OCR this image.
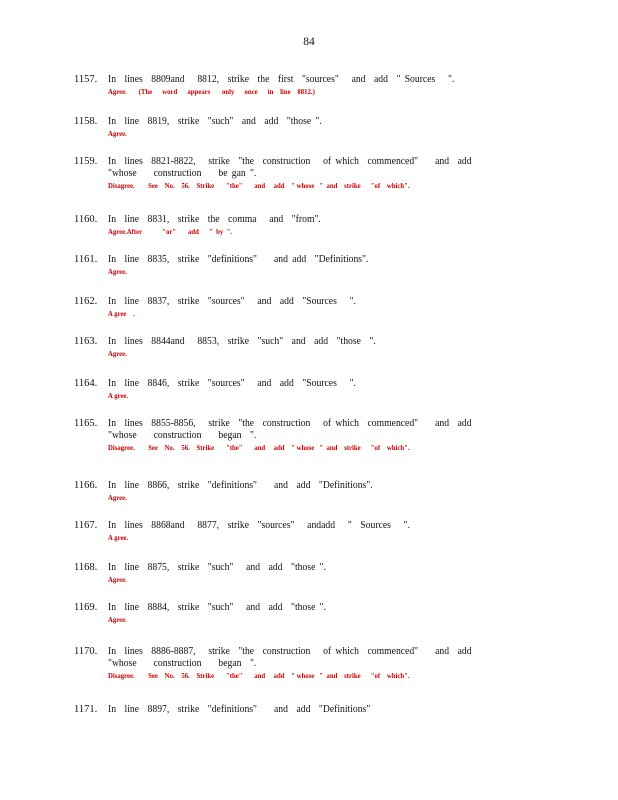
84
1157. In  lines  8809and   8812,  strike  the  first  "sources"   and  add  " Sources   ".
Agree.       (The      word      appears       only      once      in    line    8812.)
1158. In  line  8819,  strike  "such"  and  add  "those ".
Agree.
1159. In  lines  8821-8822,   strike  "the  construction   of which  commenced"    and  add  "whose    construction    be gan ".
Disagree.        See    No.    56.    Strike       "the"       and     add    " whose   "  and    strike      "of    which".
1160. In  line  8831,  strike  the  comma   and  "from".
Agree.After            "or"       add      "  by  ".
1161. In  line  8835,  strike  "definitions"    and add  "Definitions".
Agree.
1162. In  line  8837,  strike  "sources"   and  add  "Sources   ".
A gree    .
1163. In  lines  8844and   8853,  strike  "such"  and  add  "those  ".
Agree.
1164. In  line  8846,  strike  "sources"   and  add  "Sources   ".
A gree.
1165. In  lines  8855-8856,   strike  "the  construction   of which  commenced"    and  add  "whose    construction    began  ".
Disagree.        See    No.    56.    Strike       "the"       and     add    " whose   "  and    strike      "of    which".
1166. In  line  8866,  strike  "definitions"    and  add  "Definitions".
Agree.
1167. In  lines  8868and   8877,  strike  "sources"   andadd   "  Sources   ".
A gree.
1168. In  line  8875,  strike  "such"   and  add  "those ".
Agree.
1169. In  line  8884,  strike  "such"   and  add  "those ".
Agree.
1170. In  lines  8886-8887,   strike  "the  construction   of which  commenced"    and  add  "whose    construction    began  ".
Disagree.        See    No.    56.    Strike       "the"       and     add    " whose   "  and    strike      "of    which".
1171. In  line  8897,  strike  "definitions"    and  add  "Definitions"
